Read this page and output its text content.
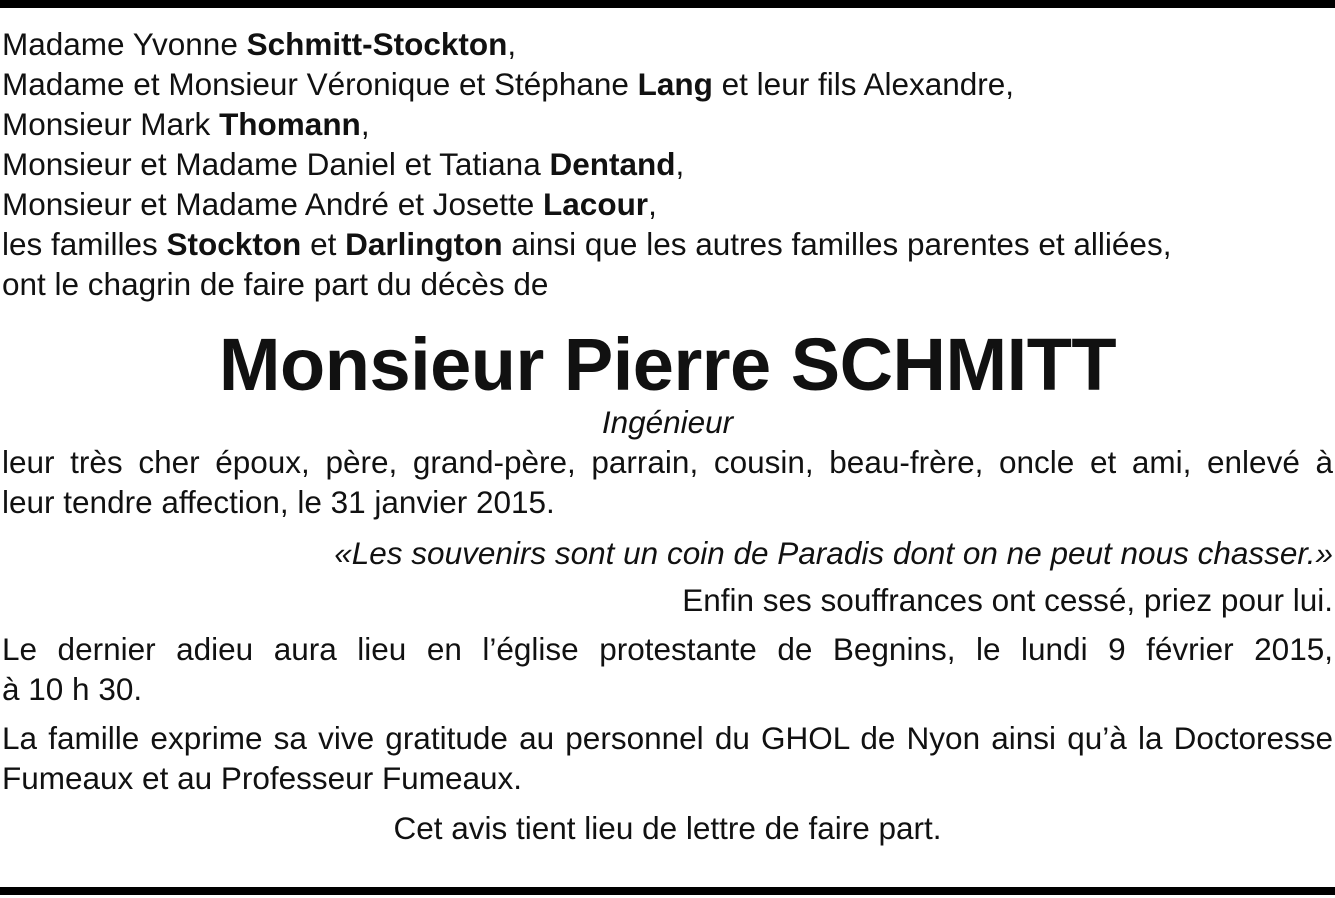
Madame Yvonne Schmitt-Stockton,
Madame et Monsieur Véronique et Stéphane Lang et leur fils Alexandre,
Monsieur Mark Thomann,
Monsieur et Madame Daniel et Tatiana Dentand,
Monsieur et Madame André et Josette Lacour,
les familles Stockton et Darlington ainsi que les autres familles parentes et alliées,
ont le chagrin de faire part du décès de
Monsieur Pierre SCHMITT
Ingénieur
leur très cher époux, père, grand-père, parrain, cousin, beau-frère, oncle et ami, enlevé à
leur tendre affection, le 31 janvier 2015.
«Les souvenirs sont un coin de Paradis dont on ne peut nous chasser.»
Enfin ses souffrances ont cessé, priez pour lui.
Le dernier adieu aura lieu en l’église protestante de Begnins, le lundi 9 février 2015,
à 10 h 30.
La famille exprime sa vive gratitude au personnel du GHOL de Nyon ainsi qu’à la Doctoresse
Fumeaux et au Professeur Fumeaux.
Cet avis tient lieu de lettre de faire part.
